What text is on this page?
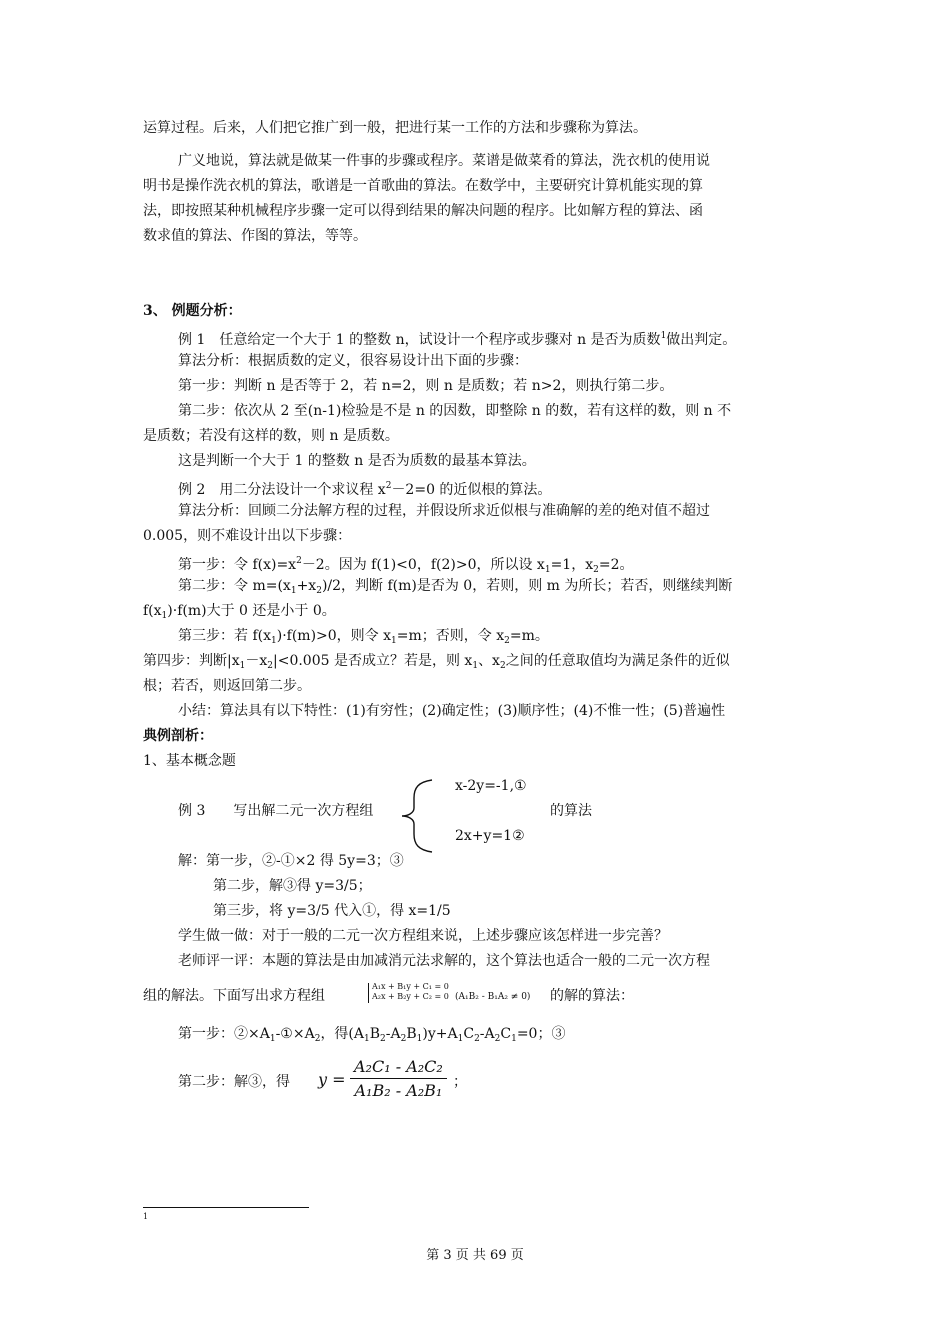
运算过程。后来，人们把它推广到一般，把进行某一工作的方法和步骤称为算法。
广义地说，算法就是做某一件事的步骤或程序。菜谱是做菜肴的算法，洗衣机的使用说
明书是操作洗衣机的算法，歌谱是一首歌曲的算法。在数学中，主要研究计算机能实现的算
法，即按照某种机械程序步骤一定可以得到结果的解决问题的程序。比如解方程的算法、函
数求值的算法、作图的算法，等等。
3、 例题分析：
例 1　任意给定一个大于 1 的整数 n，试设计一个程序或步骤对 n 是否为质数$^1$做出判定。
算法分析：根据质数的定义，很容易设计出下面的步骤：
第一步：判断 n 是否等于 2，若 n=2，则 n 是质数；若 n>2，则执行第二步。
第二步：依次从 2 至(n-1)检验是不是 n 的因数，即整除 n 的数，若有这样的数，则 n 不
是质数；若没有这样的数，则 n 是质数。
这是判断一个大于 1 的整数 n 是否为质数的最基本算法。
例 2　用二分法设计一个求议程 $x^2-2=0$ 的近似根的算法。
算法分析：回顾二分法解方程的过程，并假设所求近似根与准确解的差的绝对值不超过
0.005，则不难设计出以下步骤：
第一步：令 $f(x)=x^2-2$。因为 f(1)<0，f(2)>0，所以设 $x_1=1$，$x_2=2$。
第二步：令 $m=(x_1+x_2)/2$，判断 f(m)是否为 0，若则，则 m 为所长；若否，则继续判断
$f(x_1)\cdot f(m)$大于 0 还是小于 0。
第三步：若 $f(x_1)\cdot f(m)>0$，则令 $x_1=m$；否则，令 $x_2=m$。
第四步：判断$|x_1-x_2|<0.005$ 是否成立？若是，则 $x_1$、$x_2$之间的任意取值均为满足条件的近似
根；若否，则返回第二步。
小结：算法具有以下特性：(1)有穷性；(2)确定性；(3)顺序性；(4)不惟一性；(5)普遍性
典例剖析：
1、基本概念题
x-2y=-1,①
例 3　　写出解二元一次方程组	的算法
2x+y=1②
解：第一步，②-①×2 得 5y=3；③
第二步，解③得 y=3/5；
第三步，将 y=3/5 代入①，得 x=1/5
学生做一做：对于一般的二元一次方程组来说，上述步骤应该怎样进一步完善？
老师评一评：本题的算法是由加减消元法求解的，这个算法也适合一般的二元一次方程
组的解法。下面写出求方程组
A₁x + B₁y + C₁ = 0
A₂x + B₂y + C₂ = 0 (A₁B₂ - B₁A₂ ≠ 0) 的解的算法：
第一步：$②\times A_1-①\times A_2$，得$(A_1B_2-A_2B_1)y+A_1C_2-A_2C_1=0$；③
第二步：解③，得 $y = \frac{\text{A₂C₁ - A₂C₂}}{\text{A₁B₂ - A₂B₁}}$ ；
1
第 3 页 共 69 页
